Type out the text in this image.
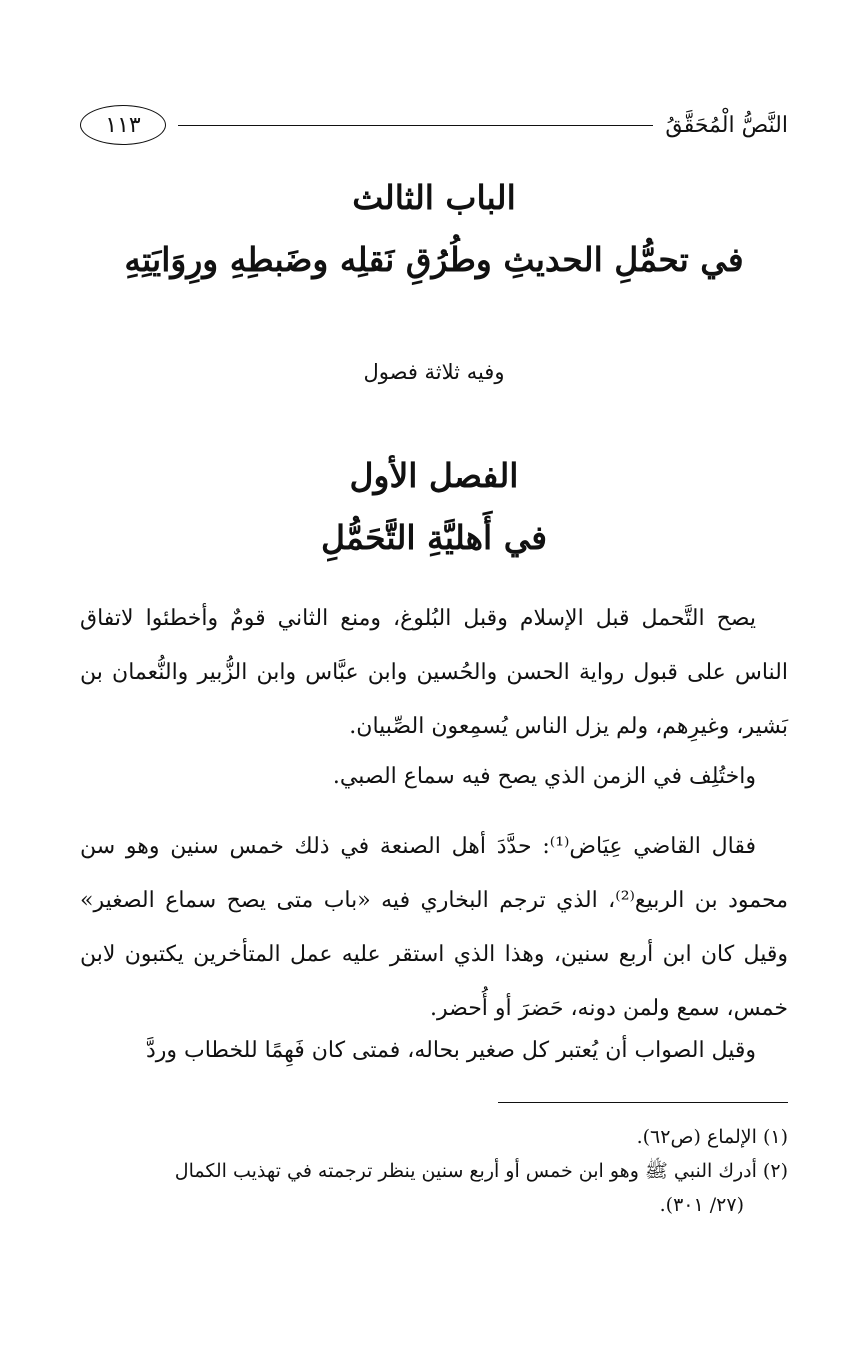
النَّصُّ الْمُحَقَّقُ
١١٣
الباب الثالث
في تحمُّلِ الحديثِ وطُرُقِ نَقلِه وضَبطِهِ ورِوَايَتِهِ
وفيه ثلاثة فصول
الفصل الأول
في أَهليَّةِ التَّحَمُّلِ
يصح التَّحمل قبل الإسلام وقبل البُلوغ، ومنع الثاني قومٌ وأخطئوا لاتفاق الناس على قبول رواية الحسن والحُسين وابن عبَّاس وابن الزُّبير والنُّعمان بن بَشير، وغيرِهم، ولم يزل الناس يُسمِعون الصِّبيان.
واختُلِف في الزمن الذي يصح فيه سماع الصبي.
فقال القاضي عِيَاض⁽¹⁾: حدَّدَ أهل الصنعة في ذلك خمس سنين وهو سن محمود بن الربيع⁽²⁾، الذي ترجم البخاري فيه «باب متى يصح سماع الصغير» وقيل كان ابن أربع سنين، وهذا الذي استقر عليه عمل المتأخرين يكتبون لابن خمس، سمع ولمن دونه، حَضرَ أو أُحضر.
وقيل الصواب أن يُعتبر كل صغير بحاله، فمتى كان فَهِمًا للخطاب وردَّ
(١) الإلماع (ص٦٢).
(٢) أدرك النبي ﷺ وهو ابن خمس أو أربع سنين ينظر ترجمته في تهذيب الكمال
(٢٧/ ٣٠١).
